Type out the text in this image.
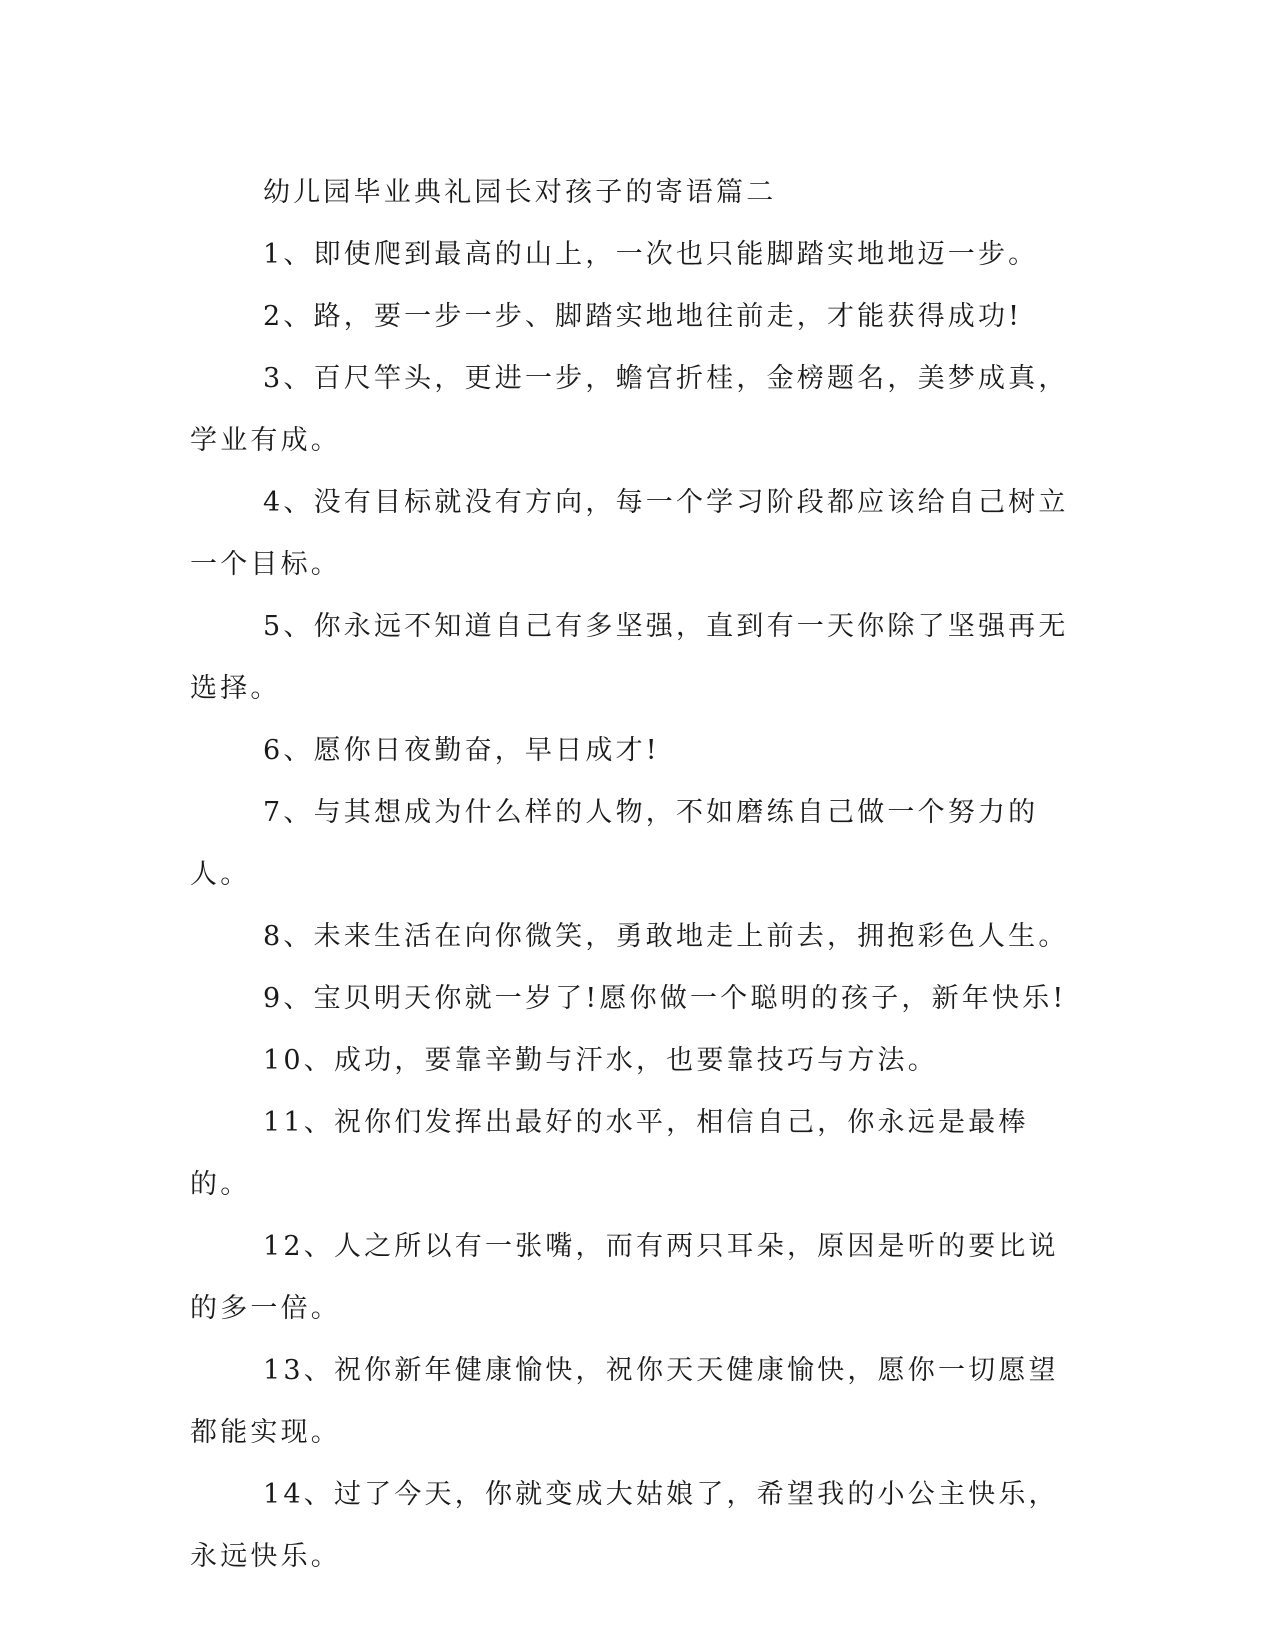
幼儿园毕业典礼园长对孩子的寄语篇二

1、即使爬到最高的山上，一次也只能脚踏实地地迈一步。

2、路，要一步一步、脚踏实地地往前走，才能获得成功!

3、百尺竿头，更进一步，蟾宫折桂，金榜题名，美梦成真，学业有成。

4、没有目标就没有方向，每一个学习阶段都应该给自己树立一个目标。

5、你永远不知道自己有多坚强，直到有一天你除了坚强再无选择。

6、愿你日夜勤奋，早日成才!

7、与其想成为什么样的人物，不如磨练自己做一个努力的人。

8、未来生活在向你微笑，勇敢地走上前去，拥抱彩色人生。

9、宝贝明天你就一岁了!愿你做一个聪明的孩子，新年快乐!

10、成功，要靠辛勤与汗水，也要靠技巧与方法。

11、祝你们发挥出最好的水平，相信自己，你永远是最棒的。

12、人之所以有一张嘴，而有两只耳朵，原因是听的要比说的多一倍。

13、祝你新年健康愉快，祝你天天健康愉快，愿你一切愿望都能实现。

14、过了今天，你就变成大姑娘了，希望我的小公主快乐，永远快乐。
